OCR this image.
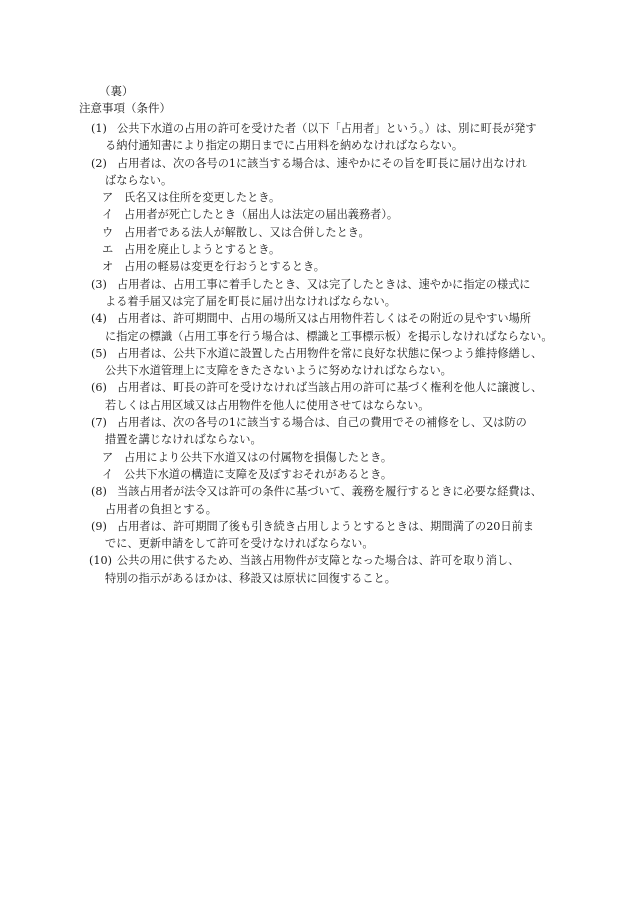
（裏）
注意事項（条件）
(1) 公共下水道の占用の許可を受けた者（以下「占用者」という。）は、別に町長が発す
る納付通知書により指定の期日までに占用料を納めなければならない。
(2) 占用者は、次の各号の1に該当する場合は、速やかにその旨を町長に届け出なけれ
ばならない。
ア 氏名又は住所を変更したとき。
イ 占用者が死亡したとき（届出人は法定の届出義務者）。
ウ 占用者である法人が解散し、又は合併したとき。
エ 占用を廃止しようとするとき。
オ 占用の軽易は変更を行おうとするとき。
(3) 占用者は、占用工事に着手したとき、又は完了したときは、速やかに指定の様式に
よる着手届又は完了届を町長に届け出なければならない。
(4) 占用者は、許可期間中、占用の場所又は占用物件若しくはその附近の見やすい場所
に指定の標識（占用工事を行う場合は、標識と工事標示板）を掲示しなければならない。
(5) 占用者は、公共下水道に設置した占用物件を常に良好な状態に保つよう維持修繕し、
公共下水道管理上に支障をきたさないように努めなければならない。
(6) 占用者は、町長の許可を受けなければ当該占用の許可に基づく権利を他人に譲渡し、
若しくは占用区域又は占用物件を他人に使用させてはならない。
(7) 占用者は、次の各号の1に該当する場合は、自己の費用でその補修をし、又は防の
措置を講じなければならない。
ア 占用により公共下水道又はの付属物を損傷したとき。
イ 公共下水道の構造に支障を及ぼすおそれがあるとき。
(8) 当該占用者が法令又は許可の条件に基づいて、義務を履行するときに必要な経費は、
占用者の負担とする。
(9) 占用者は、許可期間了後も引き続き占用しようとするときは、期間満了の20日前ま
でに、更新申請をして許可を受けなければならない。
(10) 公共の用に供するため、当該占用物件が支障となった場合は、許可を取り消し、
特別の指示があるほかは、移設又は原状に回復すること。
